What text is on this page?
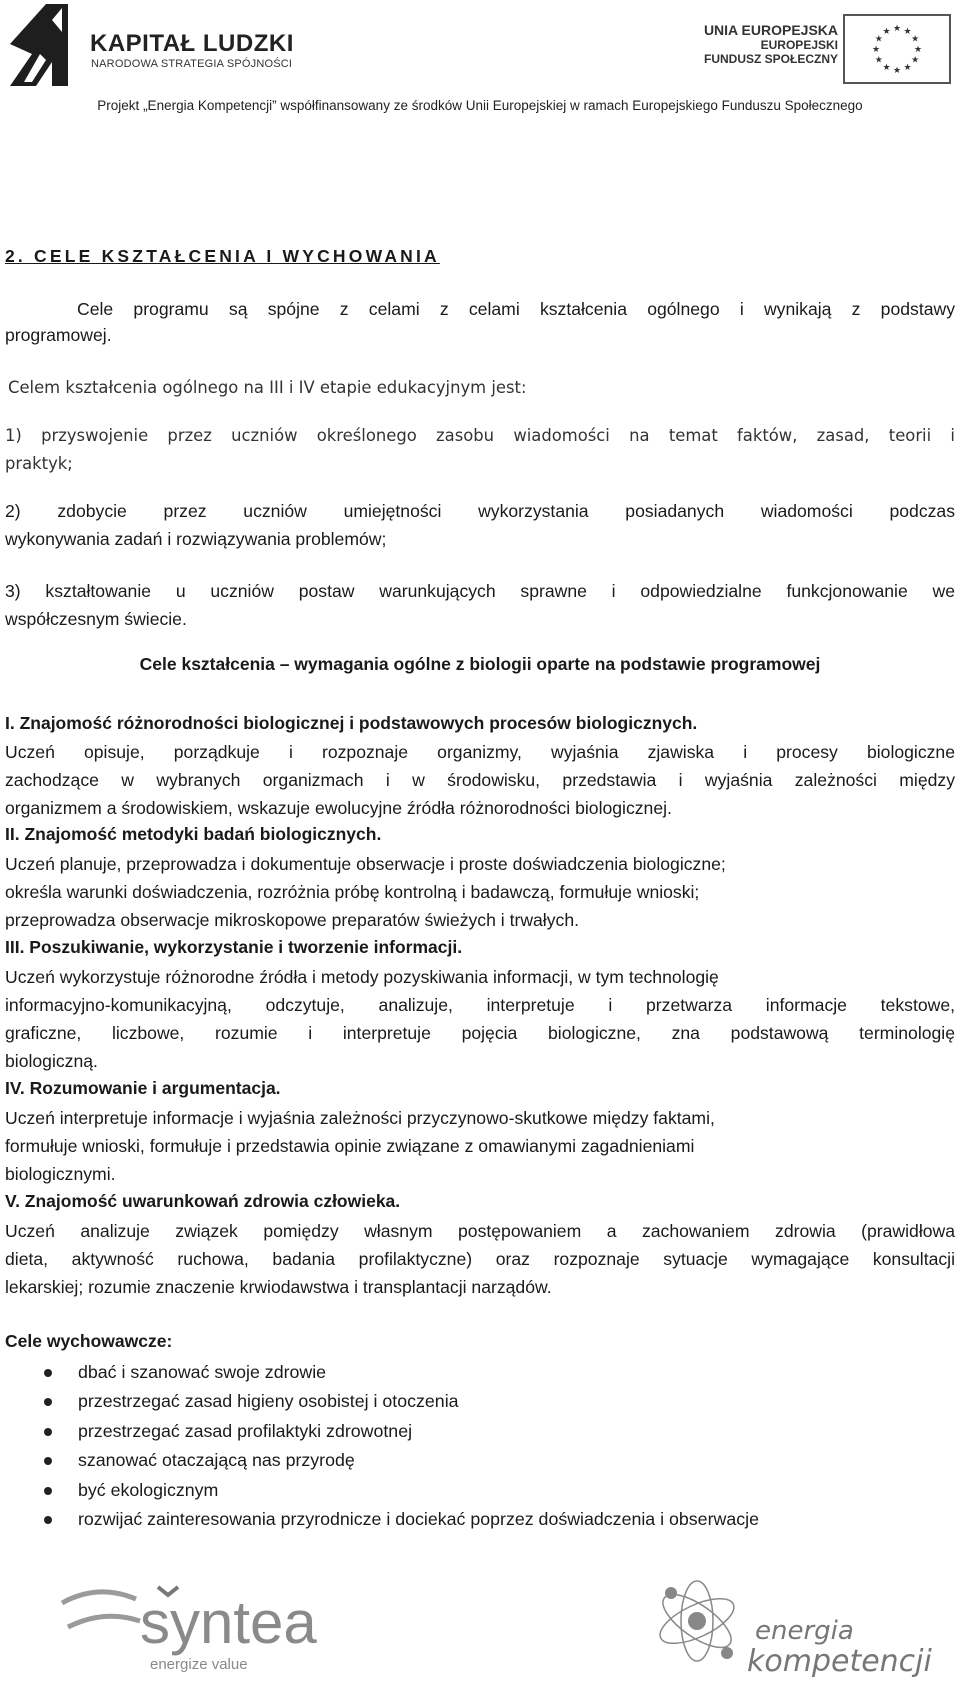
KAPITAŁ LUDZKI
NARODOWA STRATEGIA SPÓJNOŚCI
UNIA EUROPEJSKA
EUROPEJSKI
FUNDUSZ SPOŁECZNY
★ ★
★
★
★
★
★
★
★
★
★
★
Projekt „Energia Kompetencji” współfinansowany ze środków Unii Europejskiej w ramach Europejskiego Funduszu Społecznego
2. CELE KSZTAŁCENIA I WYCHOWANIA
Cele programu są spójne z celami z celami kształcenia ogólnego i wynikają z podstawy
programowej.
Celem kształcenia ogólnego na III i IV etapie edukacyjnym jest:
1) przyswojenie przez uczniów określonego zasobu wiadomości na temat faktów, zasad, teorii i
praktyk;
2) zdobycie przez uczniów umiejętności wykorzystania posiadanych wiadomości podczas
wykonywania zadań i rozwiązywania problemów;
3) kształtowanie u uczniów postaw warunkujących sprawne i odpowiedzialne funkcjonowanie we
współczesnym świecie.
Cele kształcenia – wymagania ogólne z biologii oparte na podstawie programowej
I. Znajomość różnorodności biologicznej i podstawowych procesów biologicznych.
Uczeń opisuje, porządkuje i rozpoznaje organizmy, wyjaśnia zjawiska i procesy biologiczne
zachodzące w wybranych organizmach i w środowisku, przedstawia i wyjaśnia zależności między
organizmem a środowiskiem, wskazuje ewolucyjne źródła różnorodności biologicznej.
II. Znajomość metodyki badań biologicznych.
Uczeń planuje, przeprowadza i dokumentuje obserwacje i proste doświadczenia biologiczne;
określa warunki doświadczenia, rozróżnia próbę kontrolną i badawczą, formułuje wnioski;
przeprowadza obserwacje mikroskopowe preparatów świeżych i trwałych.
III. Poszukiwanie, wykorzystanie i tworzenie informacji.
Uczeń wykorzystuje różnorodne źródła i metody pozyskiwania informacji, w tym technologię
informacyjno-komunikacyjną, odczytuje, analizuje, interpretuje i przetwarza informacje tekstowe,
graficzne, liczbowe, rozumie i interpretuje pojęcia biologiczne, zna podstawową terminologię
biologiczną.
IV. Rozumowanie i argumentacja.
Uczeń interpretuje informacje i wyjaśnia zależności przyczynowo-skutkowe między faktami,
formułuje wnioski, formułuje i przedstawia opinie związane z omawianymi zagadnieniami
biologicznymi.
V. Znajomość uwarunkowań zdrowia człowieka.
Uczeń analizuje związek pomiędzy własnym postępowaniem a zachowaniem zdrowia (prawidłowa
dieta, aktywność ruchowa, badania profilaktyczne) oraz rozpoznaje sytuacje wymagające konsultacji
lekarskiej; rozumie znaczenie krwiodawstwa i transplantacji narządów.
Cele wychowawcze:
dbać i szanować swoje zdrowie
przestrzegać zasad higieny osobistej i otoczenia
przestrzegać zasad profilaktyki zdrowotnej
szanować otaczającą nas przyrodę
być ekologicznym
rozwijać zainteresowania przyrodnicze i dociekać poprzez doświadczenia i obserwacje
syntea
energize value
energia
kompetencji
